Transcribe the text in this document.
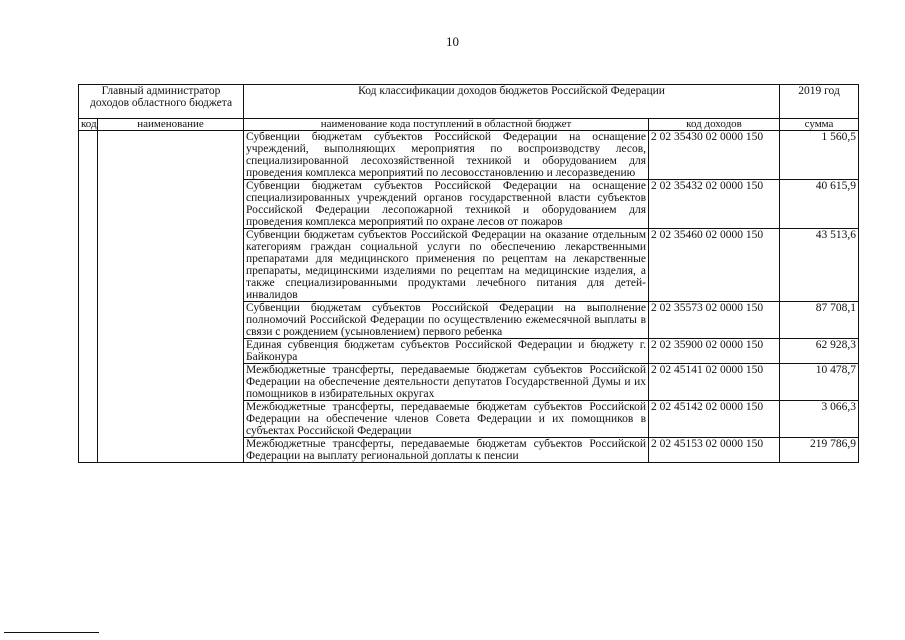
10
Главный администратор доходов областного бюджета		Код классификации доходов бюджетов Российской Федерации		2019 год
код	наименование	наименование кода поступлений в областной бюджет	код доходов	сумма
		Субвенции бюджетам субъектов Российской Федерации на оснащение учреждений, выполняющих мероприятия по воспроизводству лесов, специализированной лесохозяйственной техникой и оборудованием для проведения комплекса мероприятий по лесовосстановлению и лесоразведению	2 02 35430 02 0000 150	1 560,5
		Субвенции бюджетам субъектов Российской Федерации на оснащение специализированных учреждений органов государственной власти субъектов Российской Федерации лесопожарной техникой и оборудованием для проведения комплекса мероприятий по охране лесов от пожаров	2 02 35432 02 0000 150	40 615,9
		Субвенции бюджетам субъектов Российской Федерации на оказание отдельным категориям граждан социальной услуги по обеспечению лекарственными препаратами для медицинского применения по рецептам на лекарственные препараты, медицинскими изделиями по рецептам на медицинские изделия, а также специализированными продуктами лечебного питания для детей-инвалидов	2 02 35460 02 0000 150	43 513,6
		Субвенции бюджетам субъектов Российской Федерации на выполнение полномочий Российской Федерации по осуществлению ежемесячной выплаты в связи с рождением (усыновлением) первого ребенка	2 02 35573 02 0000 150	87 708,1
		Единая субвенция бюджетам субъектов Российской Федерации и бюджету г. Байконура	2 02 35900 02 0000 150	62 928,3
		Межбюджетные трансферты, передаваемые бюджетам субъектов Российской Федерации на обеспечение деятельности депутатов Государственной Думы и их помощников в избирательных округах	2 02 45141 02 0000 150	10 478,7
		Межбюджетные трансферты, передаваемые бюджетам субъектов Российской Федерации на обеспечение членов Совета Федерации и их помощников в субъектах Российской Федерации	2 02 45142 02 0000 150	3 066,3
		Межбюджетные трансферты, передаваемые бюджетам субъектов Российской Федерации на выплату региональной доплаты к пенсии	2 02 45153 02 0000 150	219 786,9
